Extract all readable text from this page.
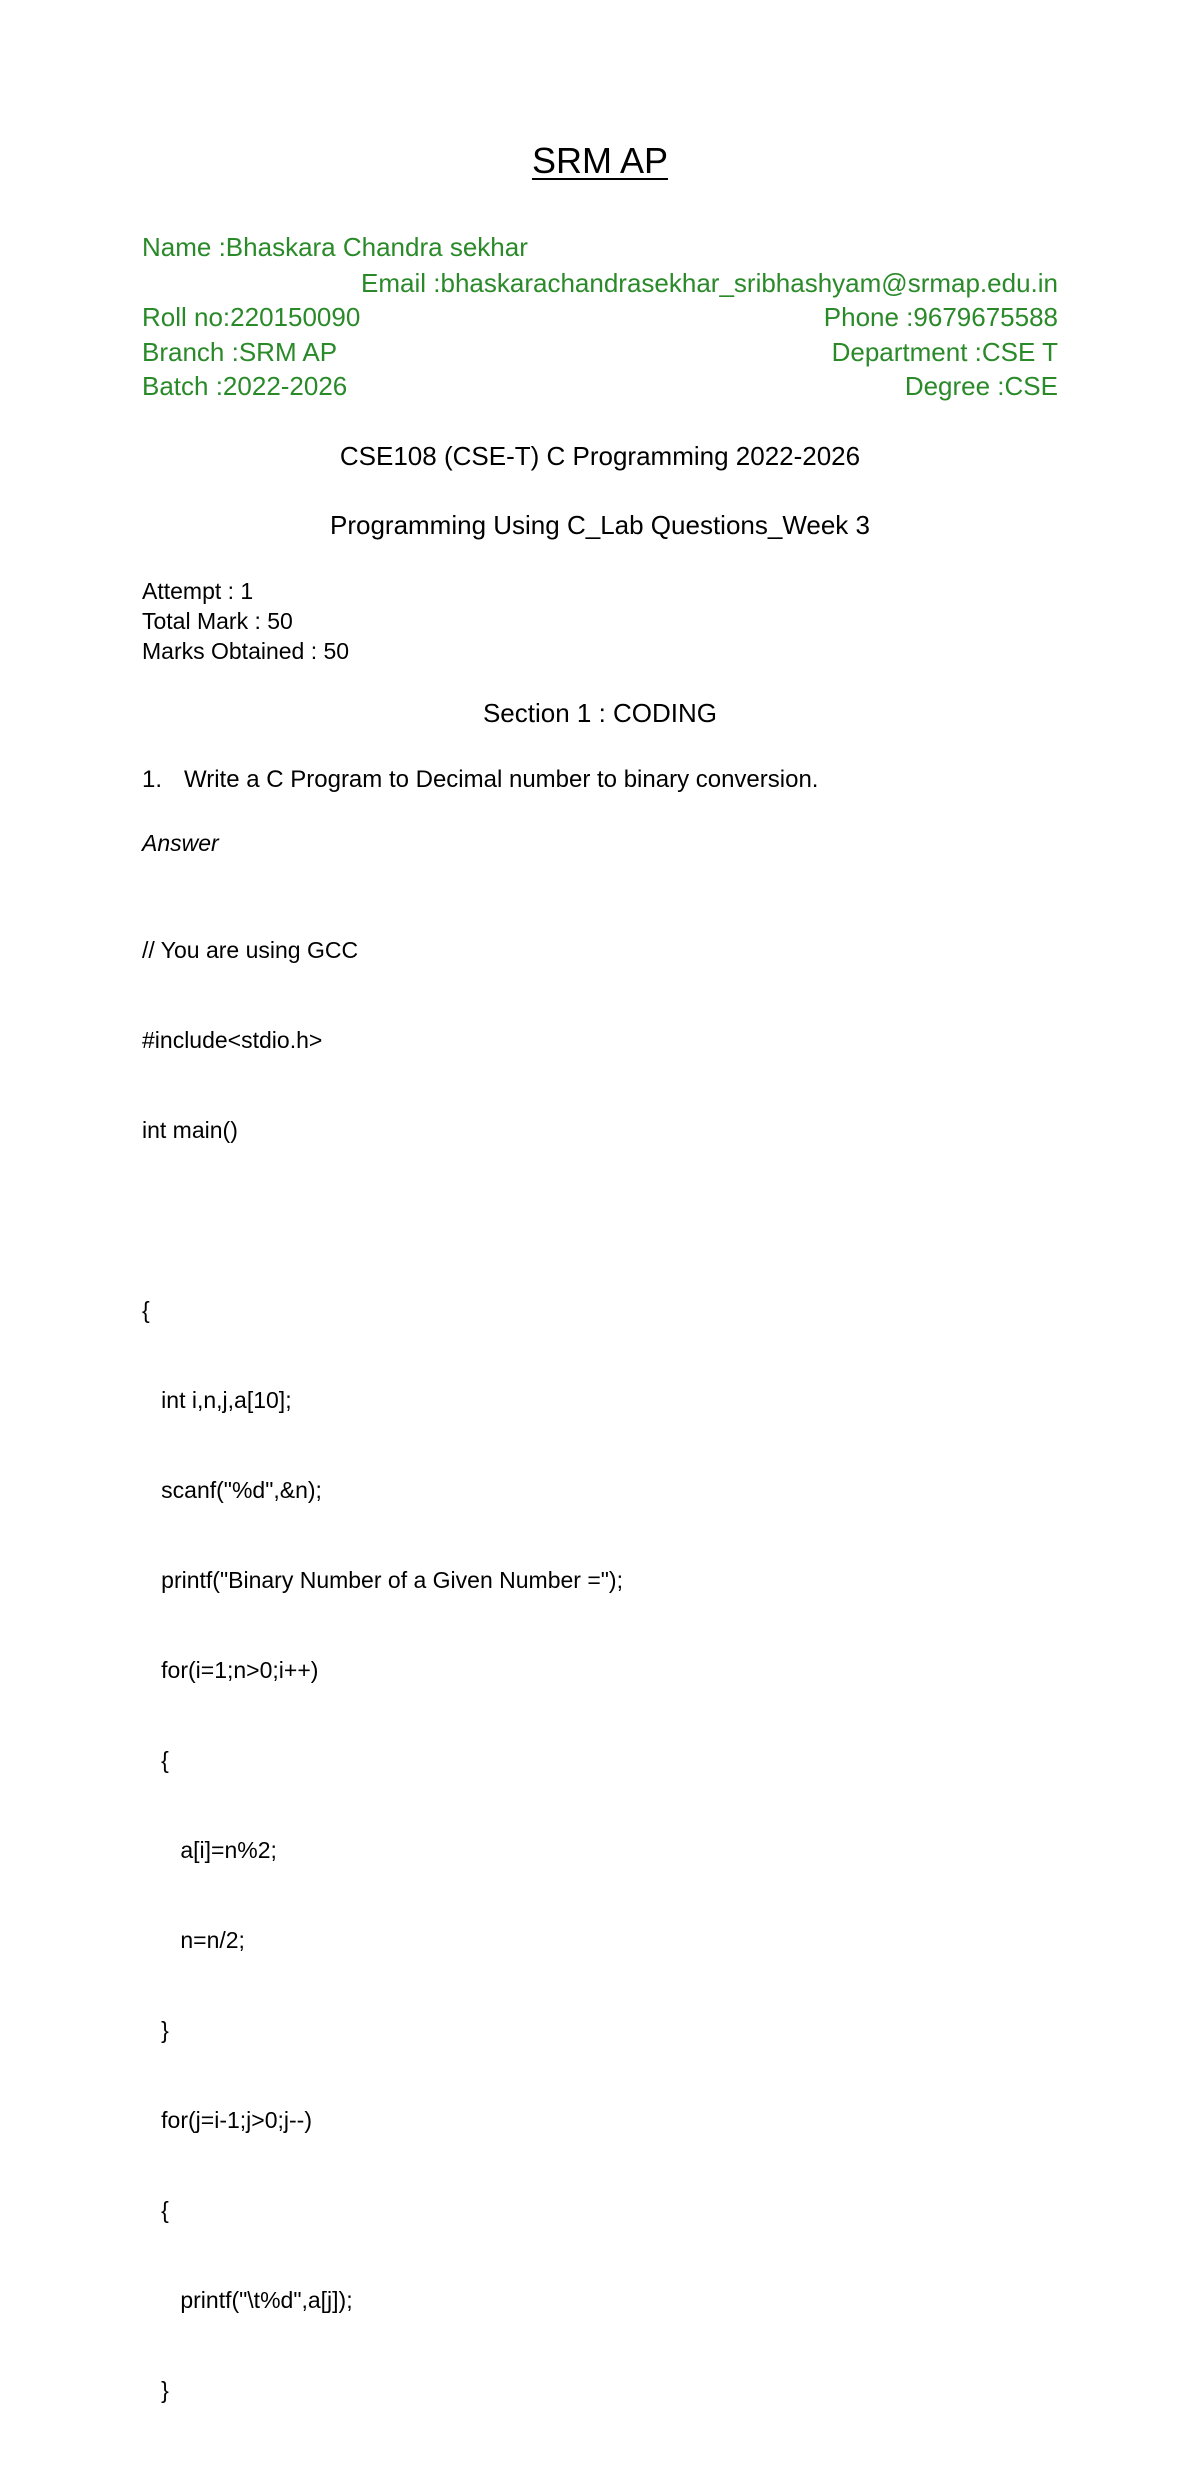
SRM AP
Name :Bhaskara Chandra sekhar
Email :bhaskarachandrasekhar_sribhashyam@srmap.edu.in
Roll no:220150090	Phone :9679675588
Branch :SRM AP	Department :CSE T
Batch :2022-2026	Degree :CSE
CSE108 (CSE-T) C Programming 2022-2026
Programming Using C_Lab Questions_Week 3
Attempt : 1
Total Mark : 50
Marks Obtained : 50
Section 1 : CODING
1. Write a C Program to Decimal number to binary conversion.
Answer

// You are using GCC

#include<stdio.h>

int main()

{

int i,n,j,a[10];

scanf("%d",&n);

printf("Binary Number of a Given Number =");

for(i=1;n>0;i++)

{

a[i]=n%2;

n=n/2;

}

for(j=i-1;j>0;j--)

{

printf("\t%d",a[j]);

}
